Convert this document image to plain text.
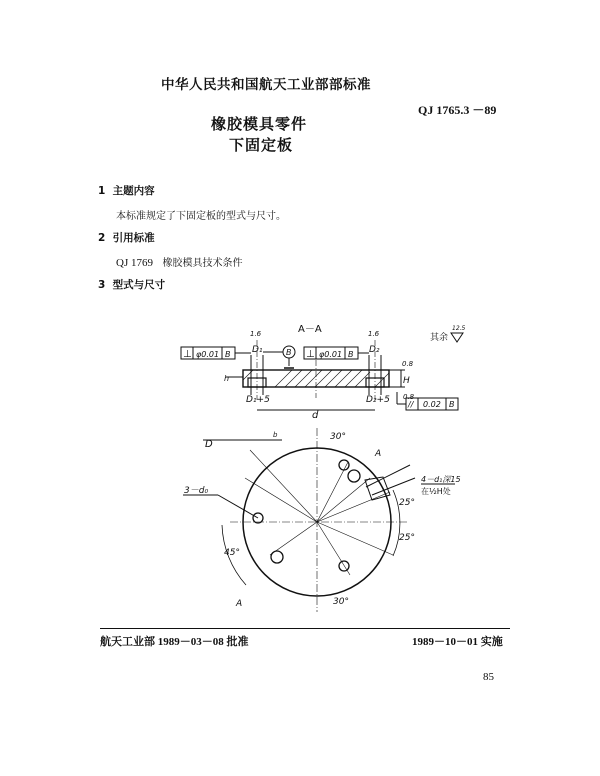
中华人民共和国航天工业部部标准
QJ 1765.3 －89
橡胶模具零件
下固定板
1 主题内容
本标准规定了下固定板的型式与尺寸。
2 引用标准
QJ 1769 橡胶模具技术条件
3 型式与尺寸
A－A
⊥ φ0.01 B	⊥ φ0.01 B
B
D₁	D₂
1.6	1.6
D₁+5	D₂+5
d
h	H
0.8
0.8
// 0.02 B
其余
12.5
D
3－d₀
b	30°
A
25°
25°
45°
30°
A
4－d₁深15
在½H处
航天工业部 1989－03－08 批准	1989－10－01 实施
85
